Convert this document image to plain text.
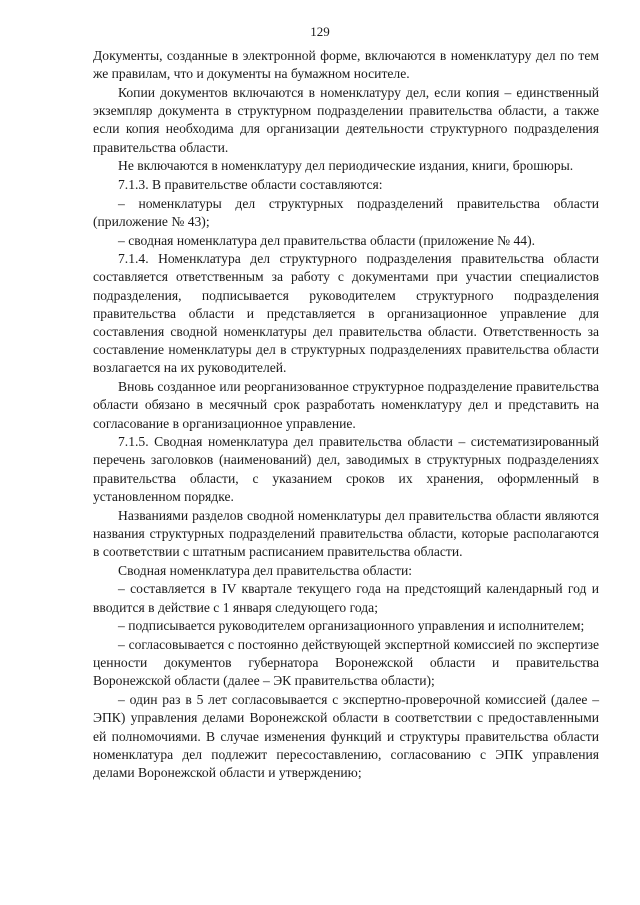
129

Документы, созданные в электронной форме, включаются в номенклатуру дел по тем же правилам, что и документы на бумажном носителе.

Копии документов включаются в номенклатуру дел, если копия – единственный экземпляр документа в структурном подразделении правительства области, а также если копия необходима для организации деятельности структурного подразделения правительства области.

Не включаются в номенклатуру дел периодические издания, книги, брошюры.

7.1.3. В правительстве области составляются:

– номенклатуры дел структурных подразделений правительства области (приложение № 43);

– сводная номенклатура дел правительства области (приложение № 44).

7.1.4. Номенклатура дел структурного подразделения правительства области составляется ответственным за работу с документами при участии специалистов подразделения, подписывается руководителем структурного подразделения правительства области и представляется в организационное управление для составления сводной номенклатуры дел правительства области. Ответственность за составление номенклатуры дел в структурных подразделениях правительства области возлагается на их руководителей.

Вновь созданное или реорганизованное структурное подразделение правительства области обязано в месячный срок разработать номенклатуру дел и представить на согласование в организационное управление.

7.1.5. Сводная номенклатура дел правительства области – систематизированный перечень заголовков (наименований) дел, заводимых в структурных подразделениях правительства области, с указанием сроков их хранения, оформленный в установленном порядке.

Названиями разделов сводной номенклатуры дел правительства области являются названия структурных подразделений правительства области, которые располагаются в соответствии с штатным расписанием правительства области.

Сводная номенклатура дел правительства области:

– составляется в IV квартале текущего года на предстоящий календарный год и вводится в действие с 1 января следующего года;

– подписывается руководителем организационного управления и исполнителем;

– согласовывается с постоянно действующей экспертной комиссией по экспертизе ценности документов губернатора Воронежской области и правительства Воронежской области (далее – ЭК правительства области);

– один раз в 5 лет согласовывается с экспертно-проверочной комиссией (далее – ЭПК) управления делами Воронежской области в соответствии с предоставленными ей полномочиями. В случае изменения функций и структуры правительства области номенклатура дел подлежит пересоставлению, согласованию с ЭПК управления делами Воронежской области и утверждению;
